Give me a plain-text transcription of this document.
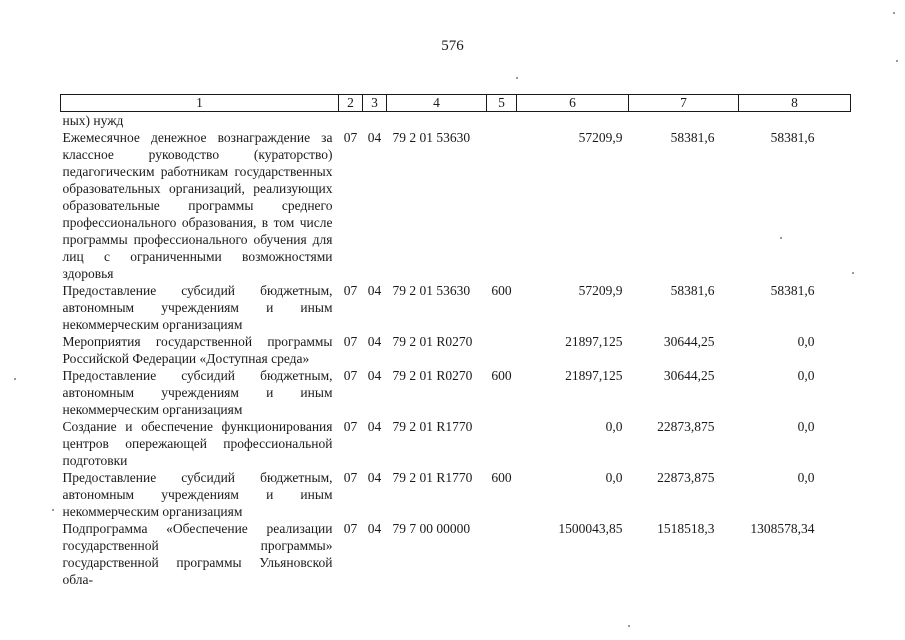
576
1	2	3	4	5	6	7	8
ных) нужд							
Ежемесячное денежное вознаграждение за классное руководство (кураторство) педагогическим работникам государственных образовательных организаций, реализующих образовательные программы среднего профессионального образования, в том числе программы профессионального обучения для лиц с ограниченными возможностями здоровья	07	04	79 2 01 53630		57209,9	58381,6	58381,6
Предоставление субсидий бюджетным, автономным учреждениям и иным некоммерческим организациям	07	04	79 2 01 53630	600	57209,9	58381,6	58381,6
Мероприятия государственной программы Российской Федерации «Доступная среда»	07	04	79 2 01 R0270		21897,125	30644,25	0,0
Предоставление субсидий бюджетным, автономным учреждениям и иным некоммерческим организациям	07	04	79 2 01 R0270	600	21897,125	30644,25	0,0
Создание и обеспечение функционирования центров опережающей профессиональной подготовки	07	04	79 2 01 R1770		0,0	22873,875	0,0
Предоставление субсидий бюджетным, автономным учреждениям и иным некоммерческим организациям	07	04	79 2 01 R1770	600	0,0	22873,875	0,0
Подпрограмма «Обеспечение реализации государственной программы» государственной программы Ульяновской обла-	07	04	79 7 00 00000		1500043,85	1518518,3	1308578,34
